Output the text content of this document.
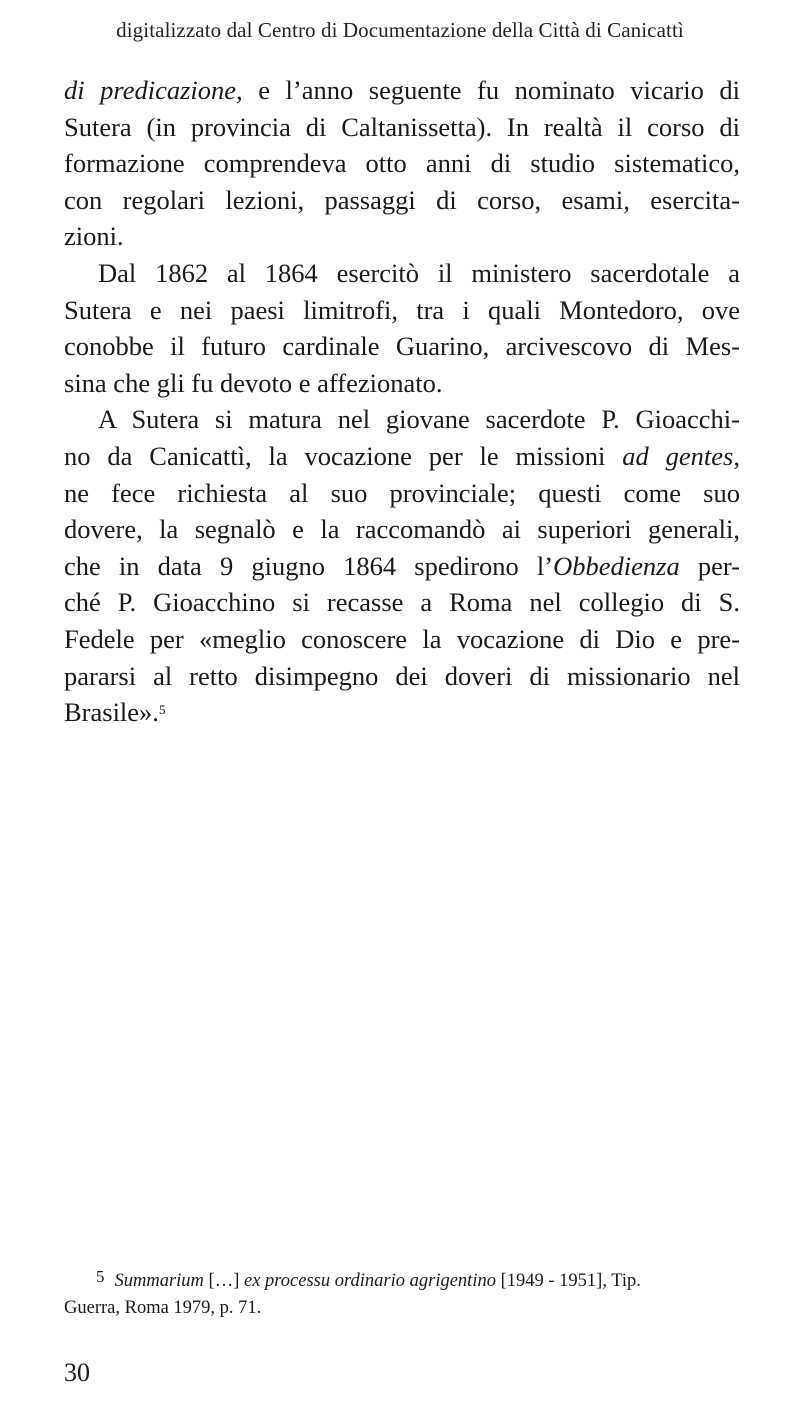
digitalizzato dal Centro di Documentazione della Città di Canicattì
di predicazione, e l’anno seguente fu nominato vicario di
Sutera (in provincia di Caltanissetta). In realtà il corso di
formazione comprendeva otto anni di studio sistematico,
con regolari lezioni, passaggi di corso, esami, esercita-
zioni.
Dal 1862 al 1864 esercitò il ministero sacerdotale a
Sutera e nei paesi limitrofi, tra i quali Montedoro, ove
conobbe il futuro cardinale Guarino, arcivescovo di Mes-
sina che gli fu devoto e affezionato.
A Sutera si matura nel giovane sacerdote P. Gioacchi-
no da Canicattì, la vocazione per le missioni ad gentes,
ne fece richiesta al suo provinciale; questi come suo
dovere, la segnalò e la raccomandò ai superiori generali,
che in data 9 giugno 1864 spedirono l’Obbedienza per-
ché P. Gioacchino si recasse a Roma nel collegio di S.
Fedele per «meglio conoscere la vocazione di Dio e pre-
pararsi al retto disimpegno dei doveri di missionario nel
Brasile».$^5$
5 Summarium […] ex processu ordinario agrigentino [1949 - 1951], Tip.
Guerra, Roma 1979, p. 71.
30
